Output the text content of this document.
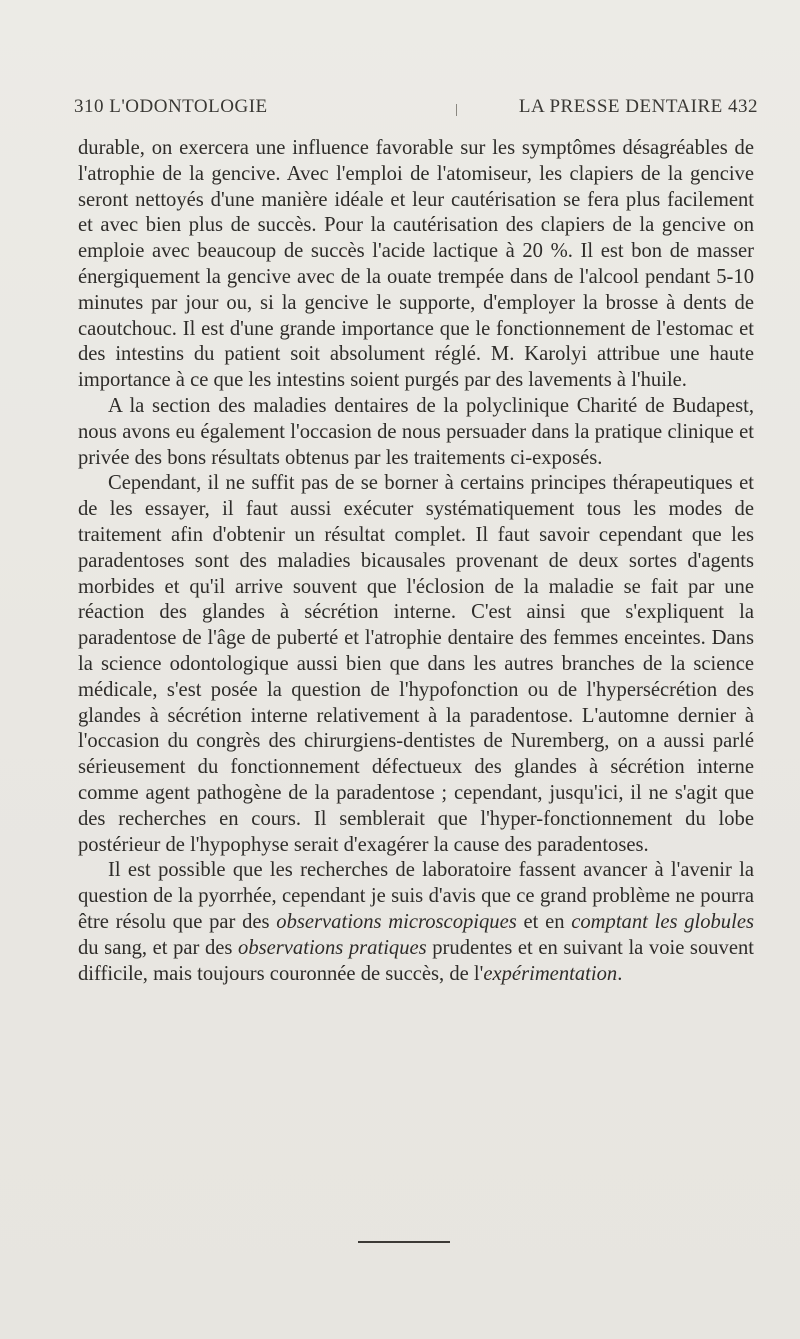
310 L'ODONTOLOGIE	LA PRESSE DENTAIRE 432

durable, on exercera une influence favorable sur les symptômes désagréables de l'atrophie de la gencive. Avec l'emploi de l'atomiseur, les clapiers de la gencive seront nettoyés d'une manière idéale et leur cautérisation se fera plus facilement et avec bien plus de succès. Pour la cautérisation des clapiers de la gencive on emploie avec beaucoup de succès l'acide lactique à 20 %. Il est bon de masser énergiquement la gencive avec de la ouate trempée dans de l'alcool pendant 5-10 minutes par jour ou, si la gencive le supporte, d'employer la brosse à dents de caoutchouc. Il est d'une grande importance que le fonctionnement de l'estomac et des intestins du patient soit absolument réglé. M. Karolyi attribue une haute importance à ce que les intestins soient purgés par des lavements à l'huile.

A la section des maladies dentaires de la polyclinique Charité de Budapest, nous avons eu également l'occasion de nous persuader dans la pratique clinique et privée des bons résultats obtenus par les traitements ci-exposés.

Cependant, il ne suffit pas de se borner à certains principes thérapeutiques et de les essayer, il faut aussi exécuter systématiquement tous les modes de traitement afin d'obtenir un résultat complet. Il faut savoir cependant que les paradentoses sont des maladies bicausales provenant de deux sortes d'agents morbides et qu'il arrive souvent que l'éclosion de la maladie se fait par une réaction des glandes à sécrétion interne. C'est ainsi que s'expliquent la paradentose de l'âge de puberté et l'atrophie dentaire des femmes enceintes. Dans la science odontologique aussi bien que dans les autres branches de la science médicale, s'est posée la question de l'hypofonction ou de l'hypersécrétion des glandes à sécrétion interne relativement à la paradentose. L'automne dernier à l'occasion du congrès des chirurgiens-dentistes de Nuremberg, on a aussi parlé sérieusement du fonctionnement défectueux des glandes à sécrétion interne comme agent pathogène de la paradentose ; cependant, jusqu'ici, il ne s'agit que des recherches en cours. Il semblerait que l'hyper-fonctionnement du lobe postérieur de l'hypophyse serait d'exagérer la cause des paradentoses.

Il est possible que les recherches de laboratoire fassent avancer à l'avenir la question de la pyorrhée, cependant je suis d'avis que ce grand problème ne pourra être résolu que par des observations microscopiques et en comptant les globules du sang, et par des observations pratiques prudentes et en suivant la voie souvent difficile, mais toujours couronnée de succès, de l'expérimentation.
